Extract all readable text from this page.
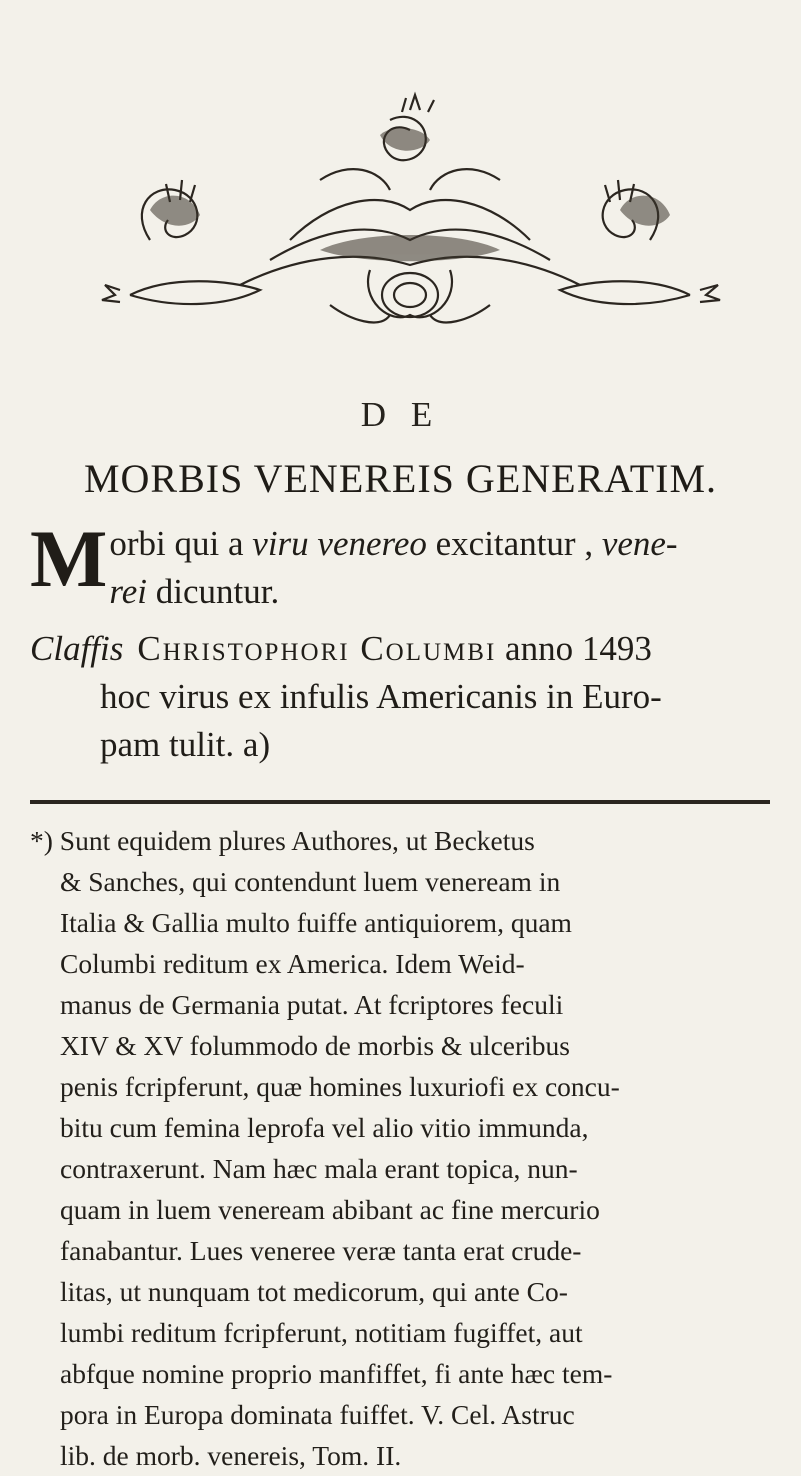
D E
MORBIS VENEREIS GENERATIM.
M orbi qui a viru venereo excitantur , vene-
rei dicuntur.
Claffis Christophori Columbi anno 1493
hoc virus ex infulis Americanis in Euro-
pam tulit. a)
*) Sunt equidem plures Authores, ut Becketus
& Sanches, qui contendunt luem veneream in
Italia & Gallia multo fuiffe antiquiorem, quam
Columbi reditum ex America. Idem Weid-
manus de Germania putat. At fcriptores feculi
XIV & XV folummodo de morbis & ulceribus
penis fcripferunt, quæ homines luxuriofi ex concu-
bitu cum femina leprofa vel alio vitio immunda,
contraxerunt. Nam hæc mala erant topica, nun-
quam in luem veneream abibant ac fine mercurio
fanabantur. Lues veneree veræ tanta erat crude-
litas, ut nunquam tot medicorum, qui ante Co-
lumbi reditum fcripferunt, notitiam fugiffet, aut
abfque nomine proprio manfiffet, fi ante hæc tem-
pora in Europa dominata fuiffet. V. Cel. Astruc
lib. de morb. venereis, Tom. II.
